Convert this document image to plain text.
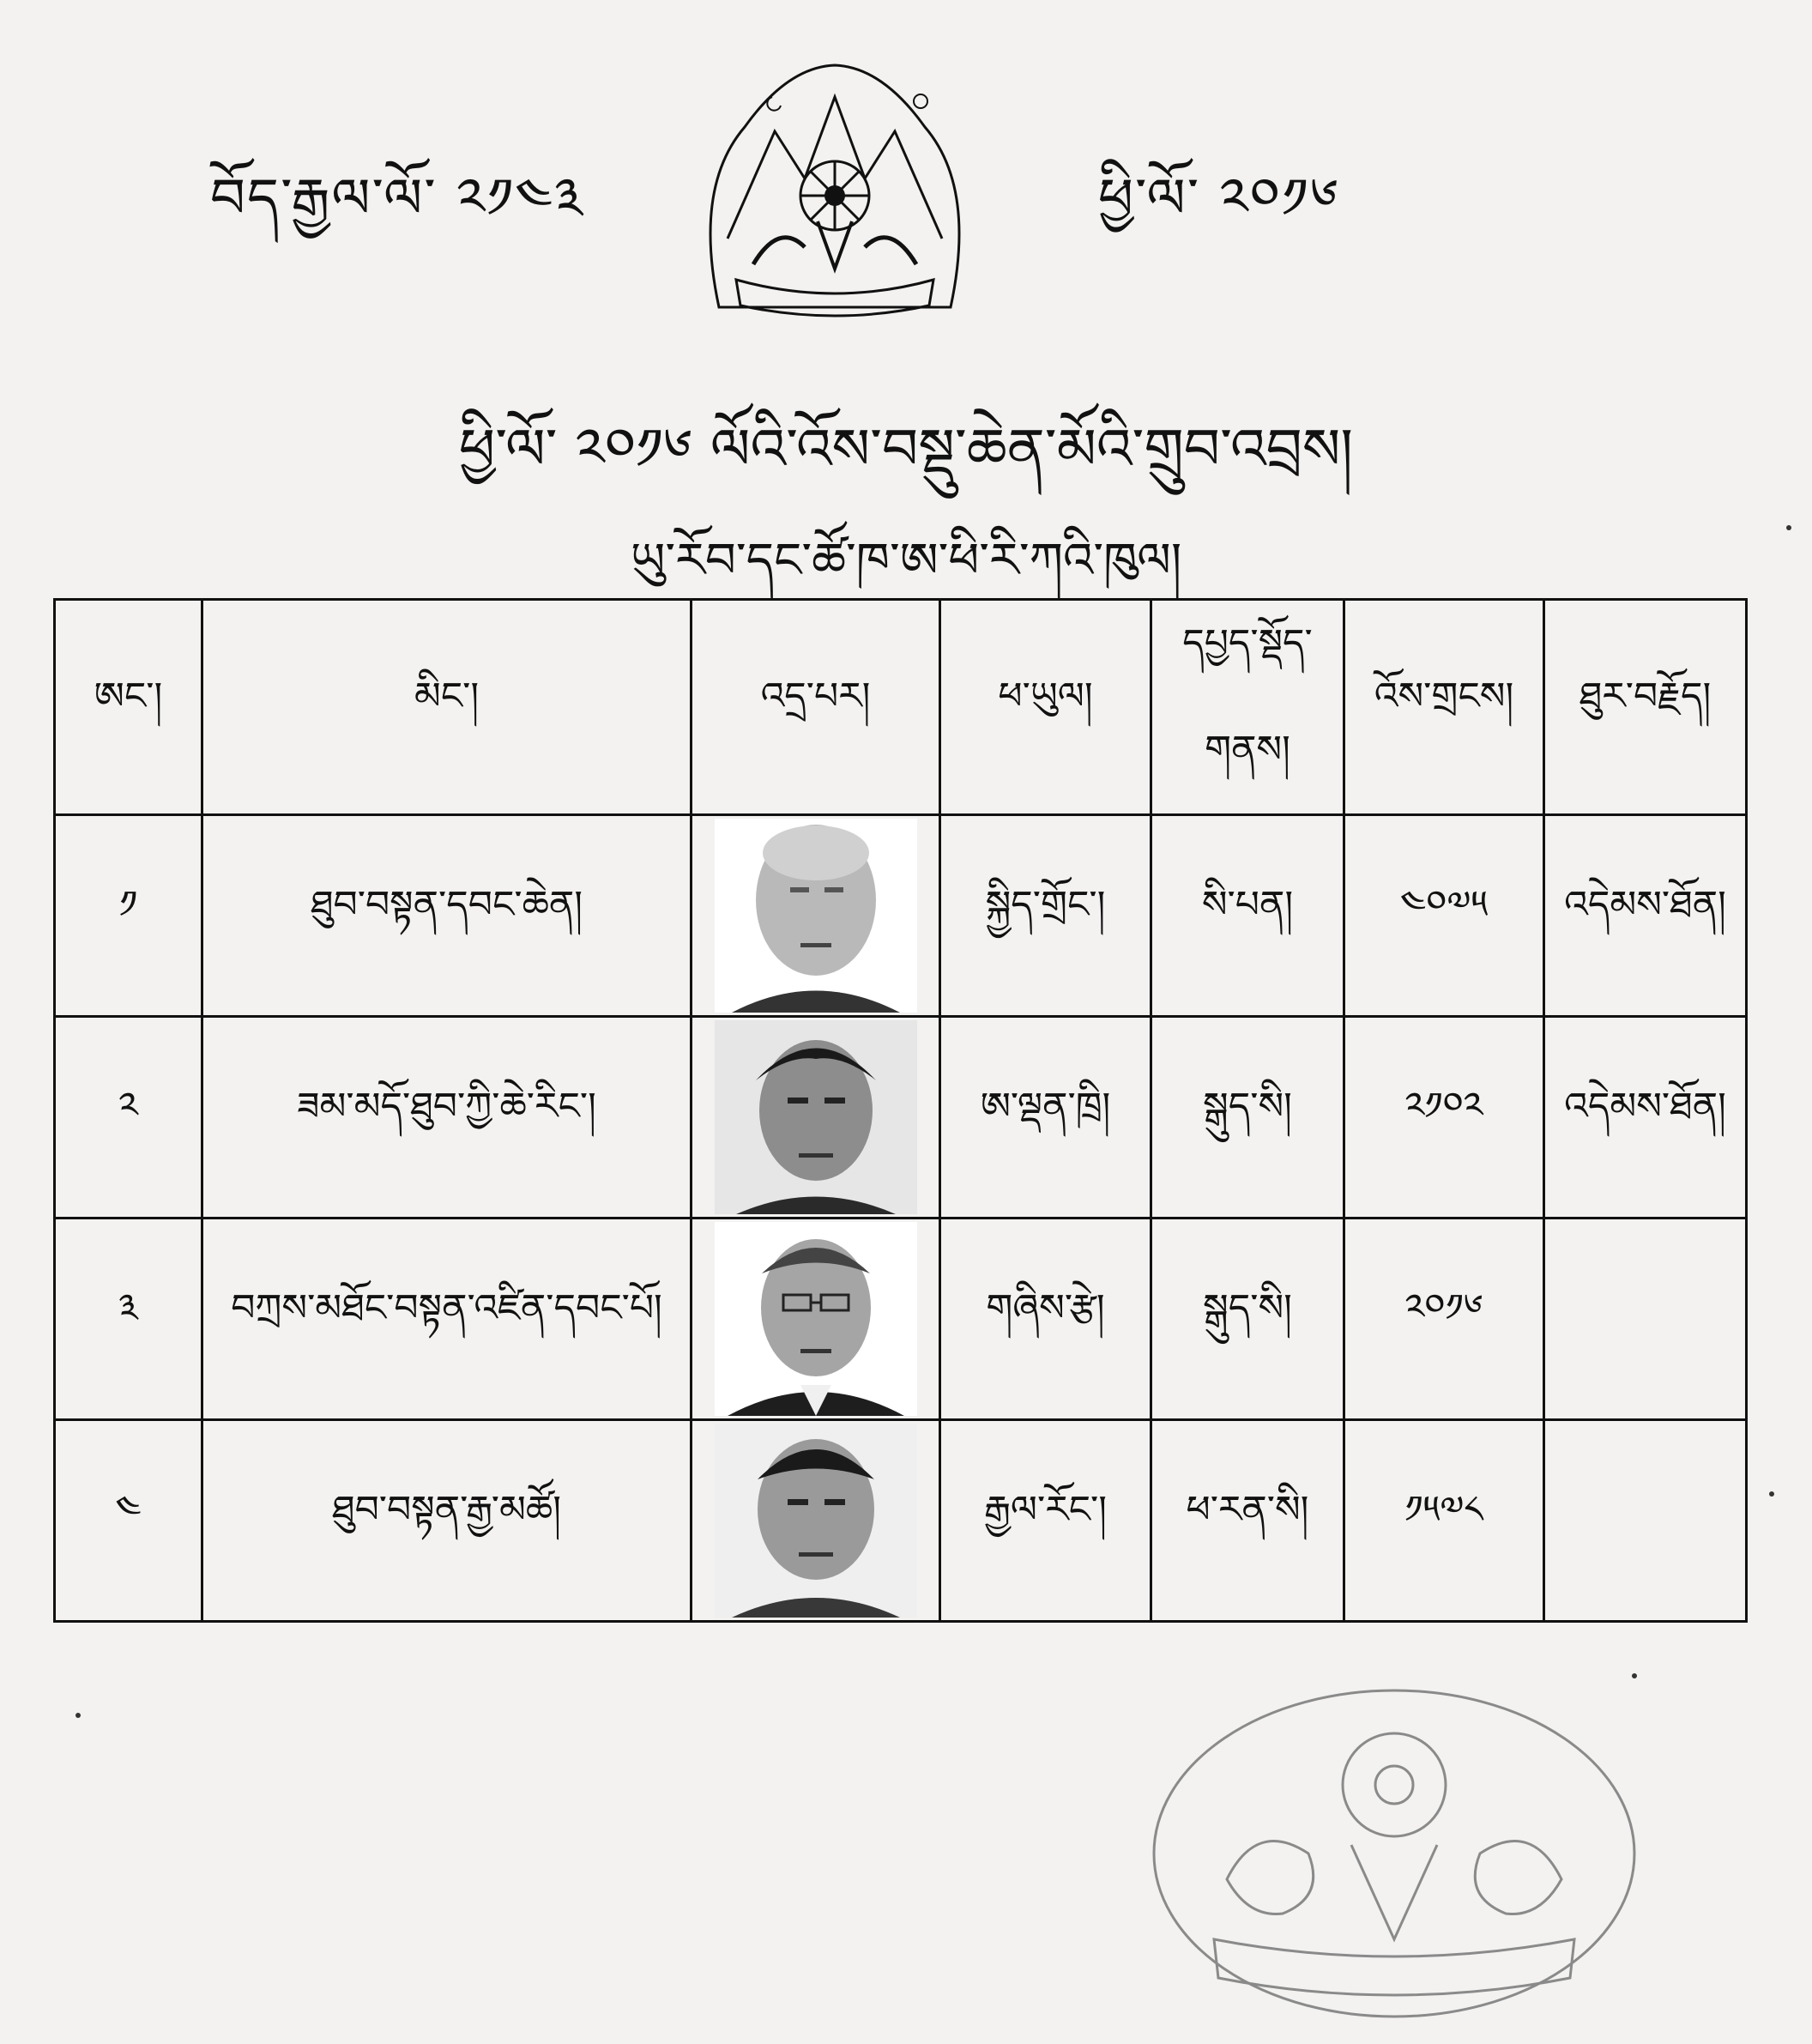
བོད་རྒྱལ་ལོ་ ༢༡༤༣	ཕྱི་ལོ་ ༢༠༡༦
ཕྱི་ལོ་ ༢༠༡༦ ལོའི་འོས་བསྡུ་ཆེན་མོའི་གྲུབ་འབྲས།
ཡུ་རོབ་དང་ཚོ་ཁ་ཨ་ཕི་རི་ཀའི་ཁུལ།
ཨང་།	མིང་།	འདྲ་པར།	ཕ་ཡུལ།	དཔྱད་སྡོད་གནས།	འོས་གྲངས།	ཐུར་བརྗོད།
༡	ཐུབ་བསྟན་དབང་ཆེན།		སྐྱིད་གྲོང་།	སི་པན།	༤༠༧༥	འདེམས་ཐོན།
༢	ཟམ་མདོ་ཐུབ་ཀྱི་ཆེ་རིང་།		ཨ་ལྡན་ཁྲི།	སྒུད་སི།	༢༡༠༢	འདེམས་ཐོན།
༣	བཀྲས་མཐོང་བསྟན་འཛིན་དབང་པོ།		གཞིས་རྩེ།	སྒུད་སི།	༢༠༡༦	
༤	ཐུབ་བསྟན་རྒྱ་མཚོ།		རྒྱལ་རོང་།	ཕ་རན་སི།	༡༥༧༨	
